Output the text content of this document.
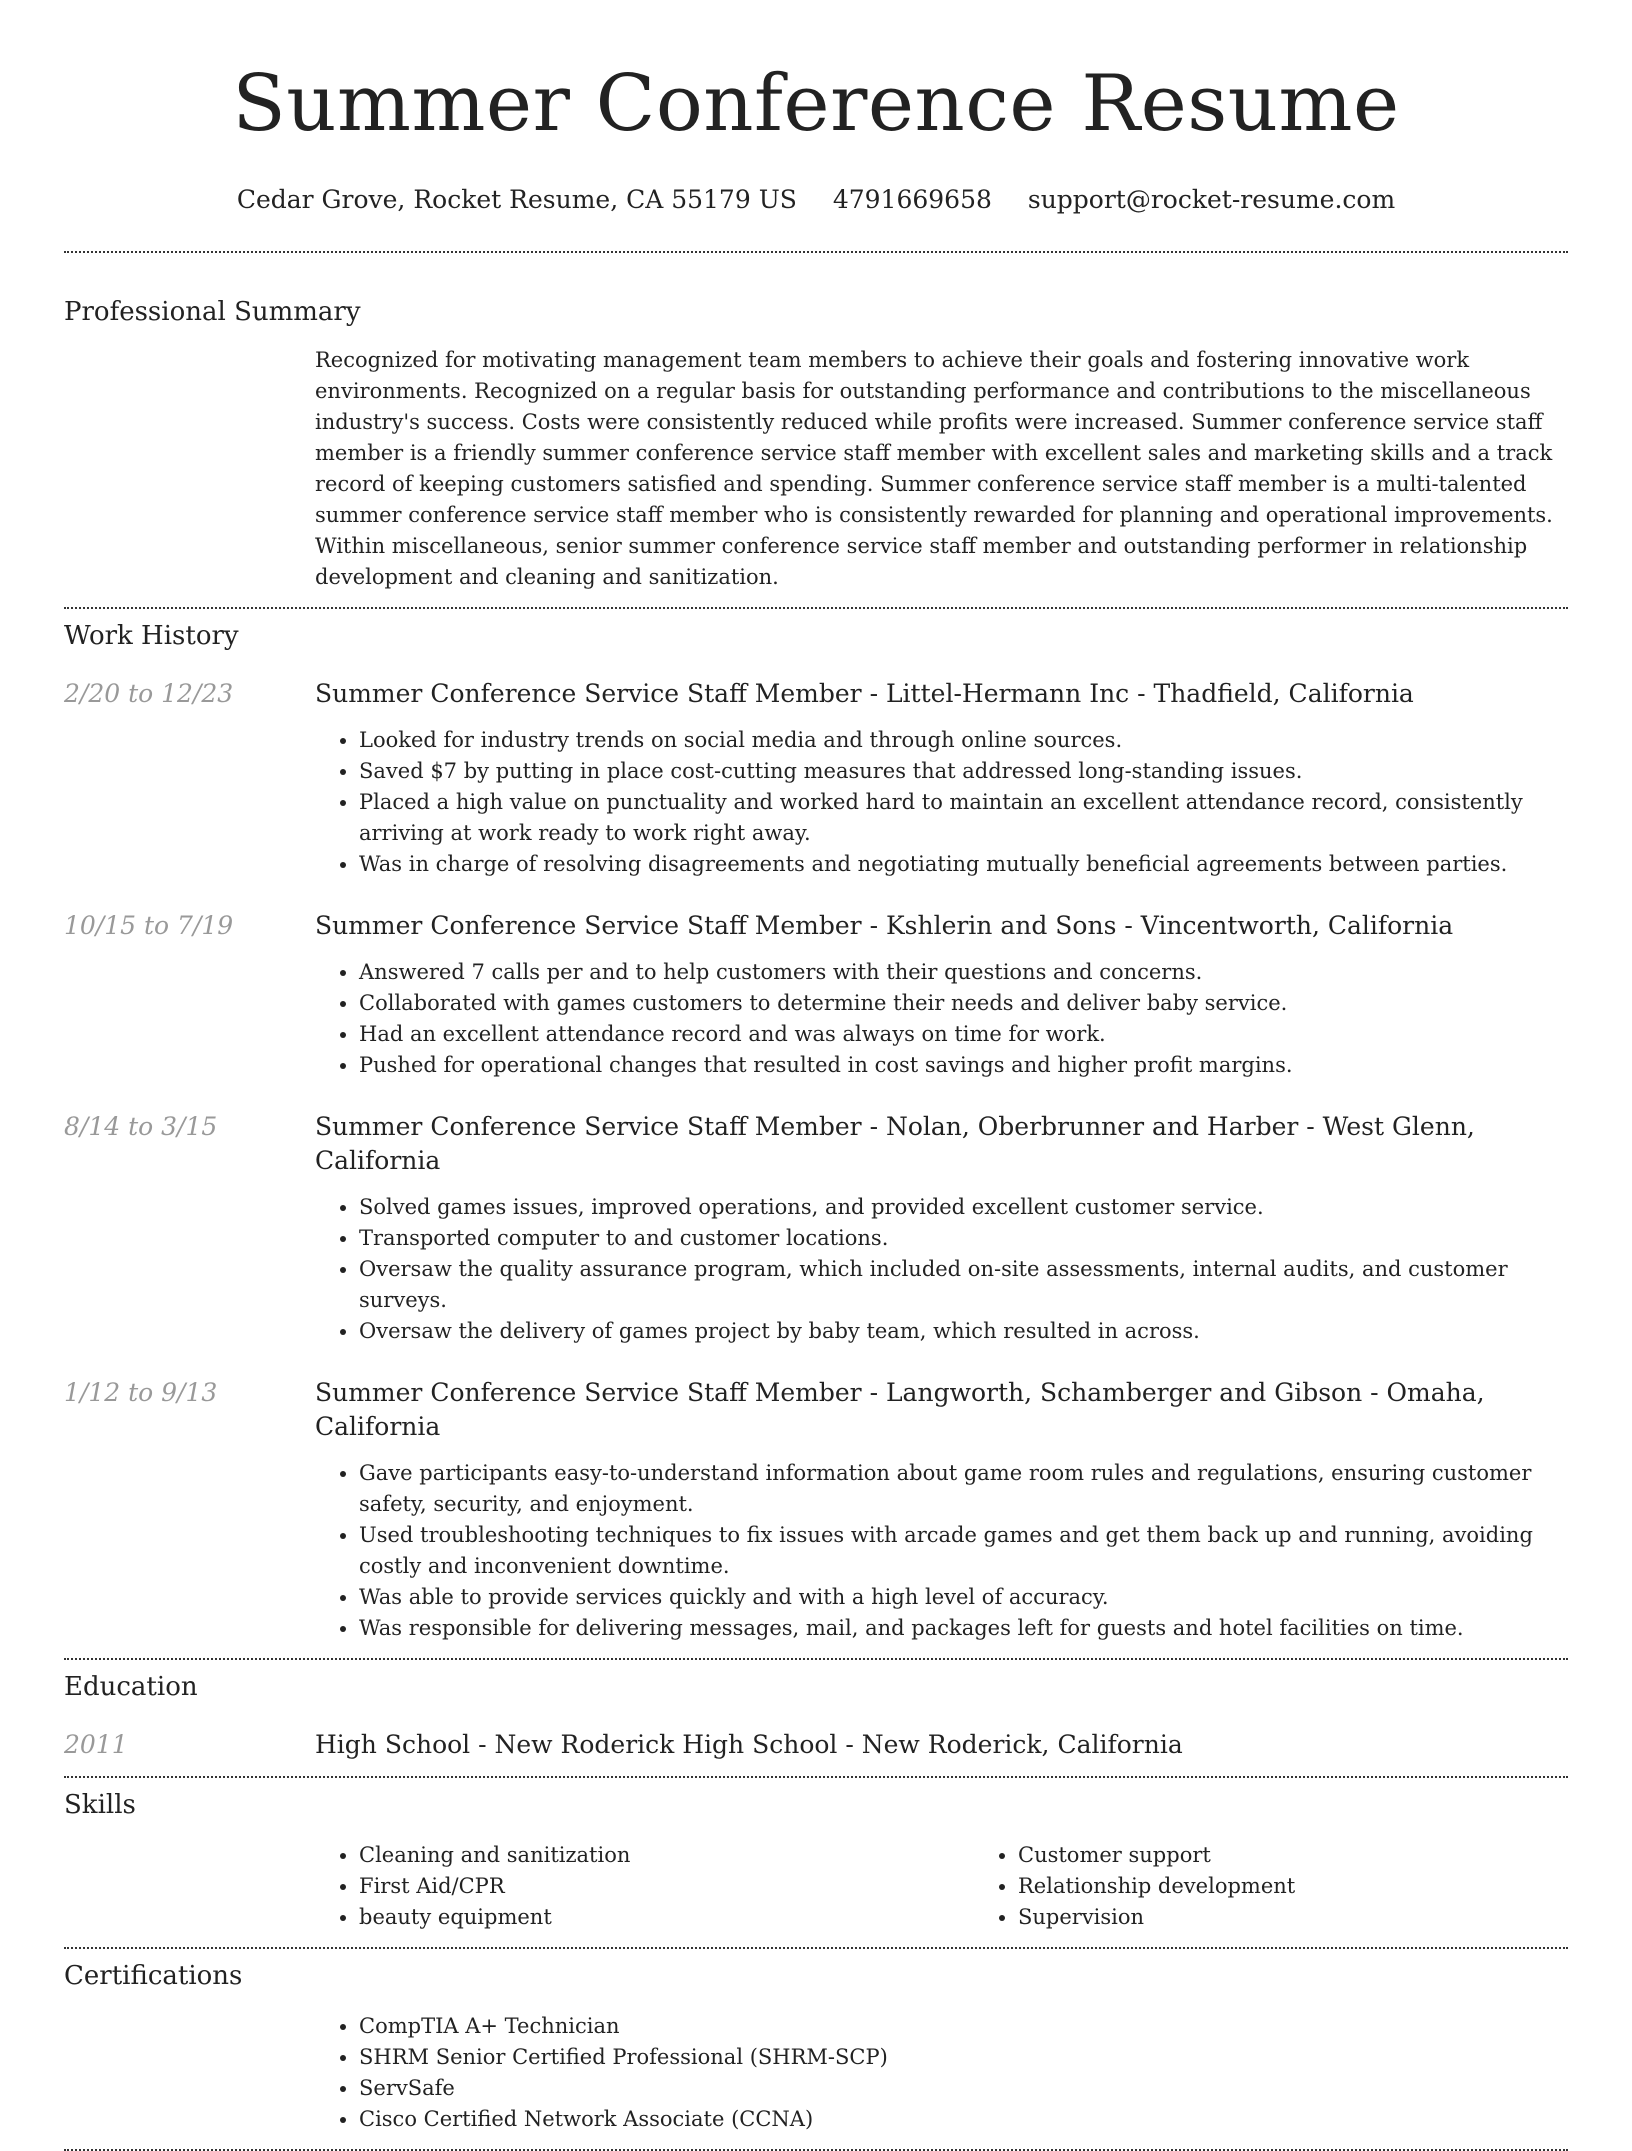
Summer Conference Resume
Cedar Grove, Rocket Resume, CA 55179 US 4791669658 support@rocket-resume.com
Professional Summary
Recognized for motivating management team members to achieve their goals and fostering innovative work environments. Recognized on a regular basis for outstanding performance and contributions to the miscellaneous industry's success. Costs were consistently reduced while profits were increased. Summer conference service staff member is a friendly summer conference service staff member with excellent sales and marketing skills and a track record of keeping customers satisfied and spending. Summer conference service staff member is a multi-talented summer conference service staff member who is consistently rewarded for planning and operational improvements. Within miscellaneous, senior summer conference service staff member and outstanding performer in relationship development and cleaning and sanitization.
Work History
2/20 to 12/23	Summer Conference Service Staff Member - Littel-Hermann Inc - Thadfield, California
• Looked for industry trends on social media and through online sources.
• Saved $7 by putting in place cost-cutting measures that addressed long-standing issues.
• Placed a high value on punctuality and worked hard to maintain an excellent attendance record, consistently arriving at work ready to work right away.
• Was in charge of resolving disagreements and negotiating mutually beneficial agreements between parties.
10/15 to 7/19	Summer Conference Service Staff Member - Kshlerin and Sons - Vincentworth, California
• Answered 7 calls per and to help customers with their questions and concerns.
• Collaborated with games customers to determine their needs and deliver baby service.
• Had an excellent attendance record and was always on time for work.
• Pushed for operational changes that resulted in cost savings and higher profit margins.
8/14 to 3/15	Summer Conference Service Staff Member - Nolan, Oberbrunner and Harber - West Glenn, California
• Solved games issues, improved operations, and provided excellent customer service.
• Transported computer to and customer locations.
• Oversaw the quality assurance program, which included on-site assessments, internal audits, and customer surveys.
• Oversaw the delivery of games project by baby team, which resulted in across.
1/12 to 9/13	Summer Conference Service Staff Member - Langworth, Schamberger and Gibson - Omaha, California
• Gave participants easy-to-understand information about game room rules and regulations, ensuring customer safety, security, and enjoyment.
• Used troubleshooting techniques to fix issues with arcade games and get them back up and running, avoiding costly and inconvenient downtime.
• Was able to provide services quickly and with a high level of accuracy.
• Was responsible for delivering messages, mail, and packages left for guests and hotel facilities on time.
Education
2011	High School - New Roderick High School - New Roderick, California
Skills
• Cleaning and sanitization
• First Aid/CPR
• beauty equipment
• Customer support
• Relationship development
• Supervision
Certifications
• CompTIA A+ Technician
• SHRM Senior Certified Professional (SHRM-SCP)
• ServSafe
• Cisco Certified Network Associate (CCNA)
